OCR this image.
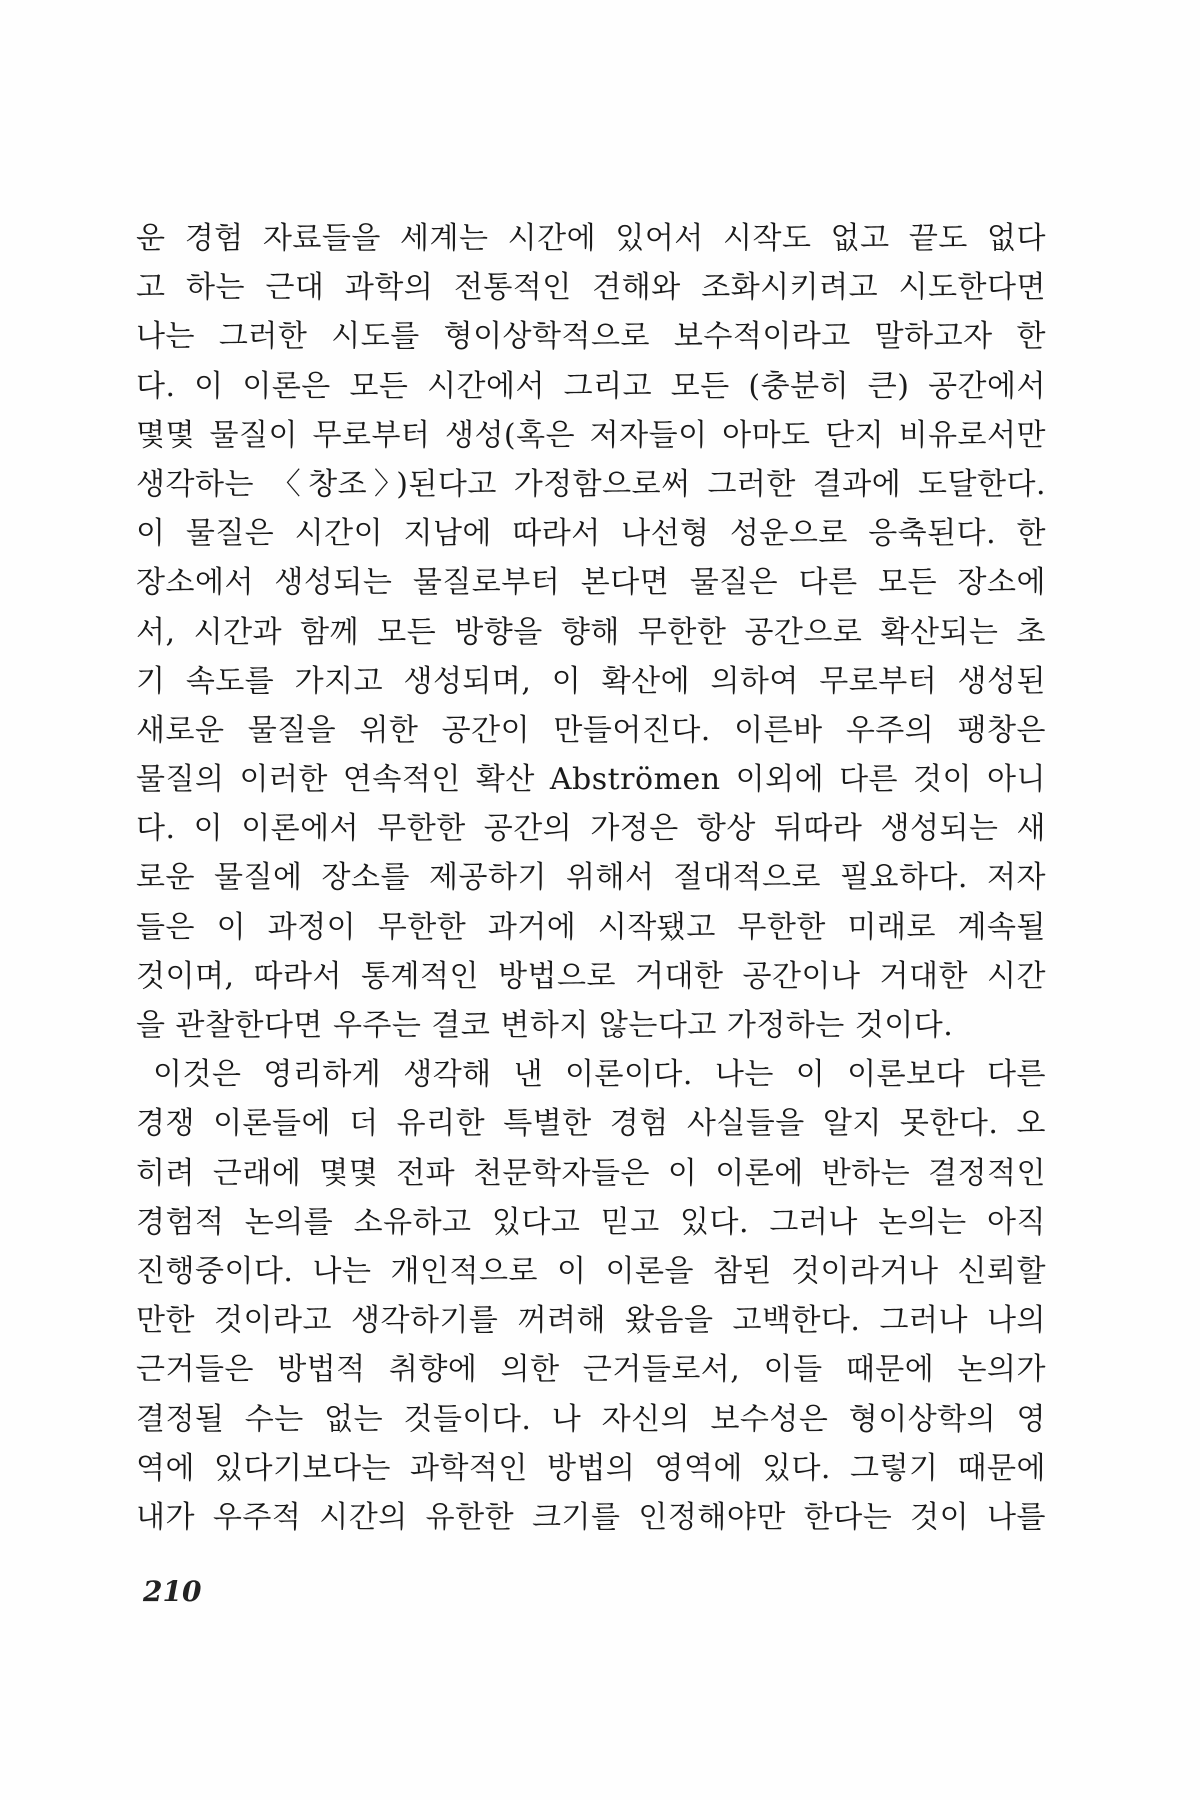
운 경험 자료들을 세계는 시간에 있어서 시작도 없고 끝도 없다
고 하는 근대 과학의 전통적인 견해와 조화시키려고 시도한다면
나는 그러한 시도를 형이상학적으로 보수적이라고 말하고자 한
다. 이 이론은 모든 시간에서 그리고 모든 (충분히 큰) 공간에서
몇몇 물질이 무로부터 생성(혹은 저자들이 아마도 단지 비유로서만
생각하는 〈창조〉)된다고 가정함으로써 그러한 결과에 도달한다.
이 물질은 시간이 지남에 따라서 나선형 성운으로 응축된다. 한
장소에서 생성되는 물질로부터 본다면 물질은 다른 모든 장소에
서, 시간과 함께 모든 방향을 향해 무한한 공간으로 확산되는 초
기 속도를 가지고 생성되며, 이 확산에 의하여 무로부터 생성된
새로운 물질을 위한 공간이 만들어진다. 이른바 우주의 팽창은
물질의 이러한 연속적인 확산 Abströmen 이외에 다른 것이 아니
다. 이 이론에서 무한한 공간의 가정은 항상 뒤따라 생성되는 새
로운 물질에 장소를 제공하기 위해서 절대적으로 필요하다. 저자
들은 이 과정이 무한한 과거에 시작됐고 무한한 미래로 계속될
것이며, 따라서 통계적인 방법으로 거대한 공간이나 거대한 시간
을 관찰한다면 우주는 결코 변하지 않는다고 가정하는 것이다.
이것은 영리하게 생각해 낸 이론이다. 나는 이 이론보다 다른
경쟁 이론들에 더 유리한 특별한 경험 사실들을 알지 못한다. 오
히려 근래에 몇몇 전파 천문학자들은 이 이론에 반하는 결정적인
경험적 논의를 소유하고 있다고 믿고 있다. 그러나 논의는 아직
진행중이다. 나는 개인적으로 이 이론을 참된 것이라거나 신뢰할
만한 것이라고 생각하기를 꺼려해 왔음을 고백한다. 그러나 나의
근거들은 방법적 취향에 의한 근거들로서, 이들 때문에 논의가
결정될 수는 없는 것들이다. 나 자신의 보수성은 형이상학의 영
역에 있다기보다는 과학적인 방법의 영역에 있다. 그렇기 때문에
내가 우주적 시간의 유한한 크기를 인정해야만 한다는 것이 나를
210
